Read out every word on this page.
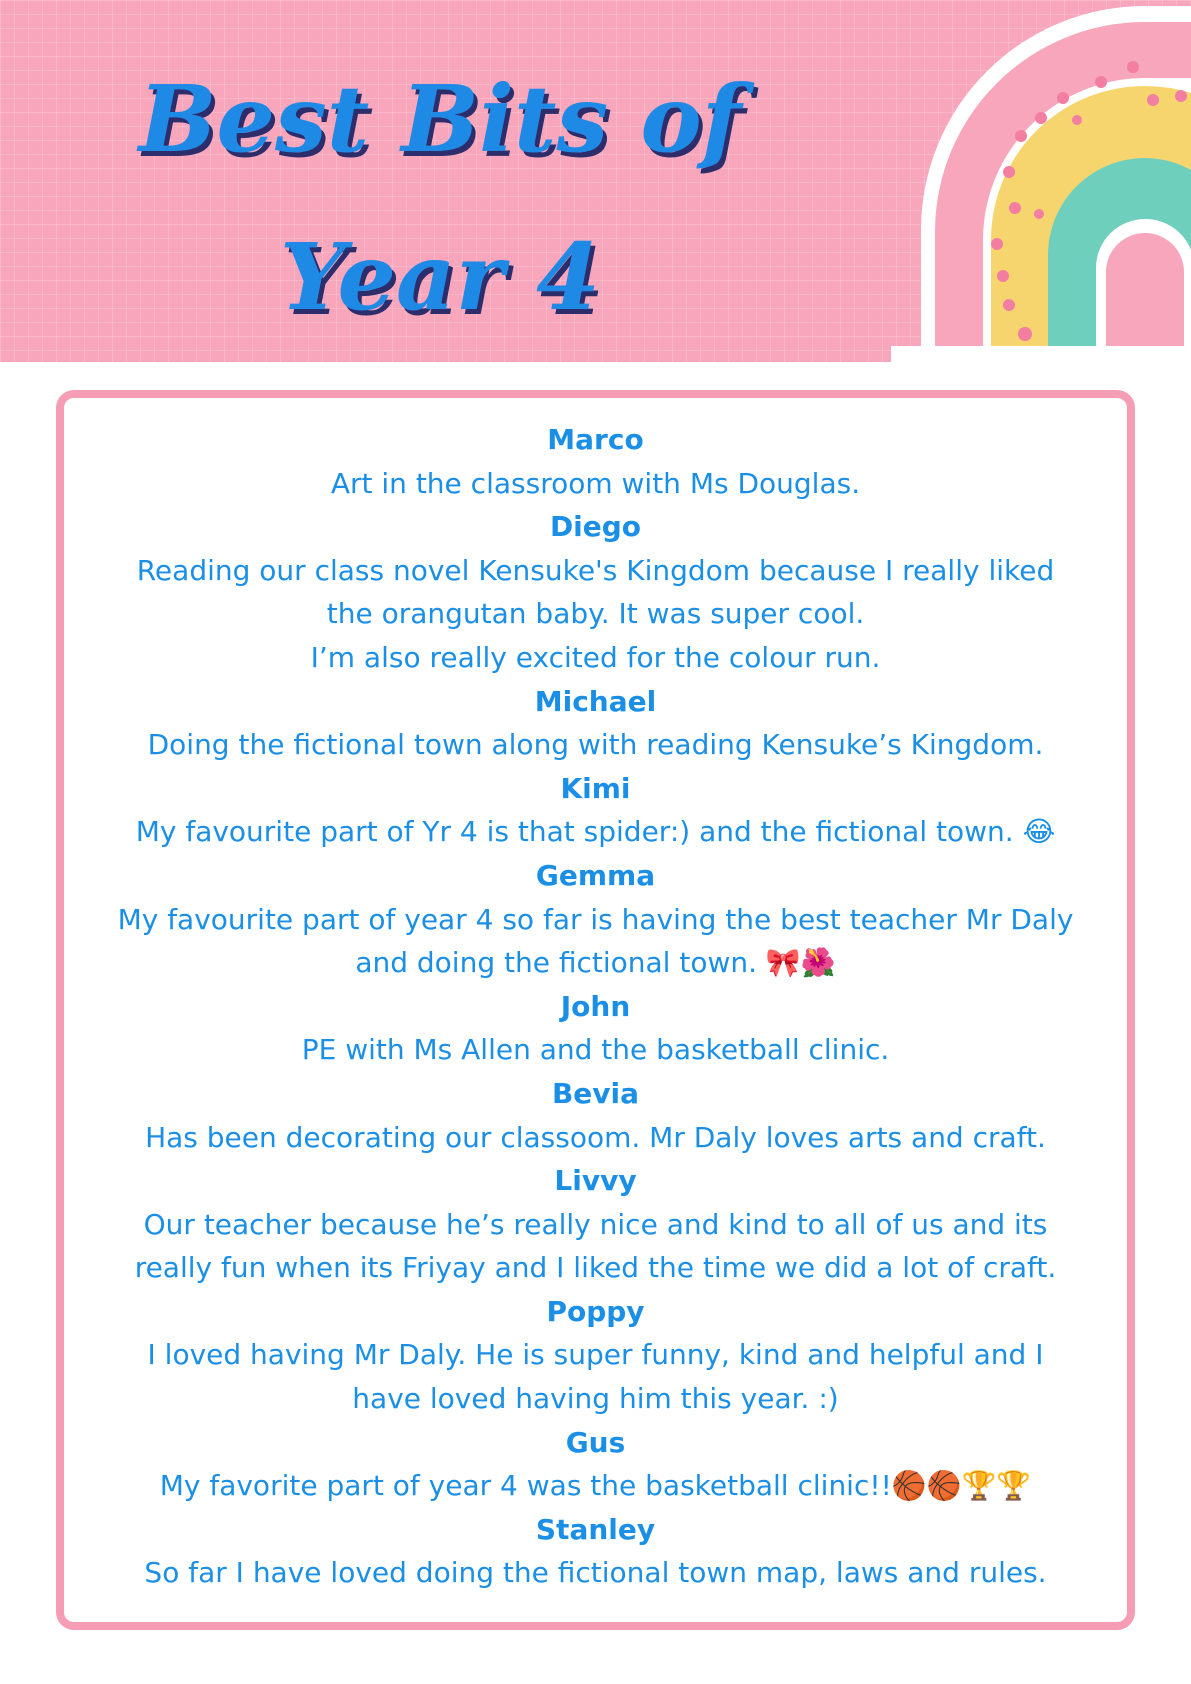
Best Bits of
Year 4
Marco
Art in the classroom with Ms Douglas.
Diego
Reading our class novel Kensuke's Kingdom because I really liked
the orangutan baby. It was super cool.
I’m also really excited for the colour run.
Michael
Doing the fictional town along with reading Kensuke’s Kingdom.
Kimi
My favourite part of Yr 4 is that spider:) and the fictional town. 😂
Gemma
My favourite part of year 4 so far is having the best teacher Mr Daly
and doing the fictional town. 🎀🌺
John
PE with Ms Allen and the basketball clinic.
Bevia
Has been decorating our classoom. Mr Daly loves arts and craft.
Livvy
Our teacher because he’s really nice and kind to all of us and its
really fun when its Friyay and I liked the time we did a lot of craft.
Poppy
I loved having Mr Daly. He is super funny, kind and helpful and I
have loved having him this year. :)
Gus
My favorite part of year 4 was the basketball clinic!!🏀🏀🏆🏆
Stanley
So far I have loved doing the fictional town map, laws and rules.
